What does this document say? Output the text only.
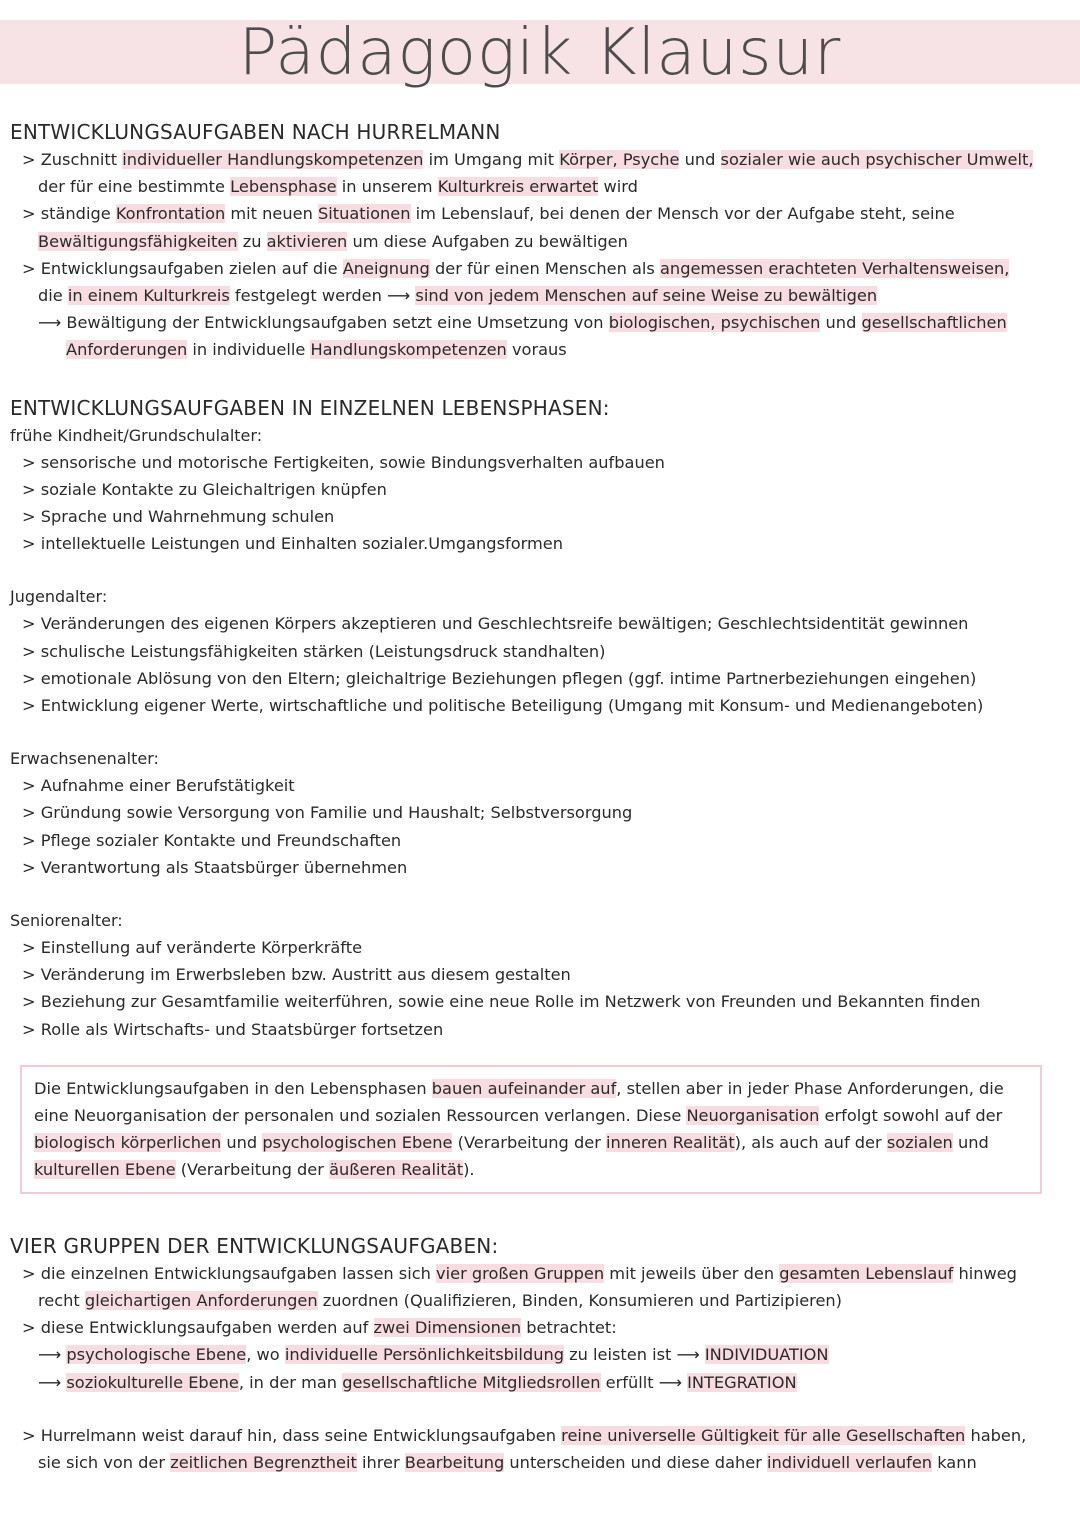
Pädagogik Klausur
ENTWICKLUNGSAUFGABEN NACH HURRELMANN

> Zuschnitt individueller Handlungskompetenzen im Umgang mit Körper, Psyche und sozialer wie auch psychischer Umwelt,

der für eine bestimmte Lebensphase in unserem Kulturkreis erwartet wird

> ständige Konfrontation mit neuen Situationen im Lebenslauf, bei denen der Mensch vor der Aufgabe steht, seine

Bewältigungsfähigkeiten zu aktivieren um diese Aufgaben zu bewältigen

> Entwicklungsaufgaben zielen auf die Aneignung der für einen Menschen als angemessen erachteten Verhaltensweisen,

die in einem Kulturkreis festgelegt werden ⟶ sind von jedem Menschen auf seine Weise zu bewältigen

⟶ Bewältigung der Entwicklungsaufgaben setzt eine Umsetzung von biologischen, psychischen und gesellschaftlichen

Anforderungen in individuelle Handlungskompetenzen voraus

ENTWICKLUNGSAUFGABEN IN EINZELNEN LEBENSPHASEN:
frühe Kindheit/Grundschulalter:

> sensorische und motorische Fertigkeiten, sowie Bindungsverhalten aufbauen

> soziale Kontakte zu Gleichaltrigen knüpfen

> Sprache und Wahrnehmung schulen

> intellektuelle Leistungen und Einhalten sozialer.Umgangsformen

Jugendalter:

> Veränderungen des eigenen Körpers akzeptieren und Geschlechtsreife bewältigen; Geschlechtsidentität gewinnen

> schulische Leistungsfähigkeiten stärken (Leistungsdruck standhalten)

> emotionale Ablösung von den Eltern; gleichaltrige Beziehungen pflegen (ggf. intime Partnerbeziehungen eingehen)

> Entwicklung eigener Werte, wirtschaftliche und politische Beteiligung (Umgang mit Konsum- und Medienangeboten)

Erwachsenenalter:

> Aufnahme einer Berufstätigkeit

> Gründung sowie Versorgung von Familie und Haushalt; Selbstversorgung

> Pflege sozialer Kontakte und Freundschaften

> Verantwortung als Staatsbürger übernehmen

Seniorenalter:

> Einstellung auf veränderte Körperkräfte

> Veränderung im Erwerbsleben bzw. Austritt aus diesem gestalten

> Beziehung zur Gesamtfamilie weiterführen, sowie eine neue Rolle im Netzwerk von Freunden und Bekannten finden

> Rolle als Wirtschafts- und Staatsbürger fortsetzen

Die Entwicklungsaufgaben in den Lebensphasen bauen aufeinander auf, stellen aber in jeder Phase Anforderungen, die

eine Neuorganisation der personalen und sozialen Ressourcen verlangen. Diese Neuorganisation erfolgt sowohl auf der

biologisch körperlichen und psychologischen Ebene (Verarbeitung der inneren Realität), als auch auf der sozialen und

kulturellen Ebene (Verarbeitung der äußeren Realität).

VIER GRUPPEN DER ENTWICKLUNGSAUFGABEN:

> die einzelnen Entwicklungsaufgaben lassen sich vier großen Gruppen mit jeweils über den gesamten Lebenslauf hinweg

recht gleichartigen Anforderungen zuordnen (Qualifizieren, Binden, Konsumieren und Partizipieren)

> diese Entwicklungsaufgaben werden auf zwei Dimensionen betrachtet:

⟶ psychologische Ebene, wo individuelle Persönlichkeitsbildung zu leisten ist ⟶ INDIVIDUATION

⟶ soziokulturelle Ebene, in der man gesellschaftliche Mitgliedsrollen erfüllt ⟶ INTEGRATION

> Hurrelmann weist darauf hin, dass seine Entwicklungsaufgaben reine universelle Gültigkeit für alle Gesellschaften haben,

sie sich von der zeitlichen Begrenztheit ihrer Bearbeitung unterscheiden und diese daher individuell verlaufen kann
